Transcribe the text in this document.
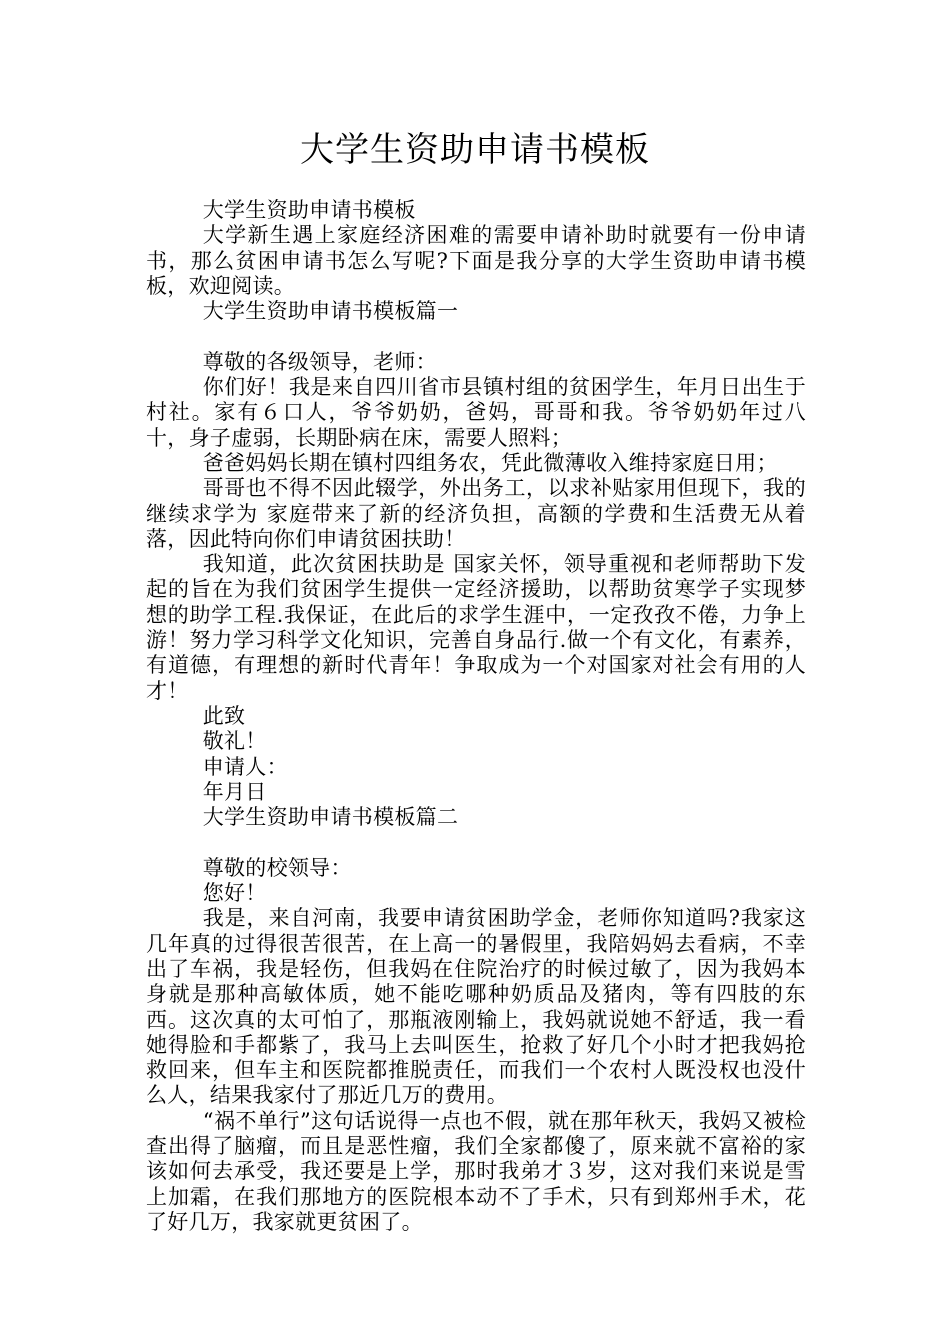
大学生资助申请书模板

大学生资助申请书模板

大学新生遇上家庭经济困难的需要申请补助时就要有一份申请书，那么贫困申请书怎么写呢?下面是我分享的大学生资助申请书模板，欢迎阅读。

大学生资助申请书模板篇一

尊敬的各级领导，老师：

你们好！我是来自四川省市县镇村组的贫困学生，年月日出生于村社。家有６口人，爷爷奶奶，爸妈，哥哥和我。爷爷奶奶年过八十，身子虚弱，长期卧病在床，需要人照料；

爸爸妈妈长期在镇村四组务农，凭此微薄收入维持家庭日用；

哥哥也不得不因此辍学，外出务工，以求补贴家用但现下，我的继续求学为 家庭带来了新的经济负担，高额的学费和生活费无从着落，因此特向你们申请贫困扶助！

我知道，此次贫困扶助是 国家关怀，领导重视和老师帮助下发起的旨在为我们贫困学生提供一定经济援助，以帮助贫寒学子实现梦想的助学工程.我保证，在此后的求学生涯中，一定孜孜不倦，力争上游！努力学习科学文化知识，完善自身品行.做一个有文化，有素养，有道德，有理想的新时代青年！争取成为一个对国家对社会有用的人才！

此致

敬礼！

申请人：

年月日

大学生资助申请书模板篇二

尊敬的校领导：

您好！

我是，来自河南，我要申请贫困助学金，老师你知道吗?我家这几年真的过得很苦很苦，在上高一的暑假里，我陪妈妈去看病，不幸出了车祸，我是轻伤，但我妈在住院治疗的时候过敏了，因为我妈本身就是那种高敏体质，她不能吃哪种奶质品及猪肉，等有四肢的东西。这次真的太可怕了，那瓶液刚输上，我妈就说她不舒适，我一看她得脸和手都紫了，我马上去叫医生，抢救了好几个小时才把我妈抢救回来，但车主和医院都推脱责任，而我们一个农村人既没权也没什么人，结果我家付了那近几万的费用。

“祸不单行”这句话说得一点也不假，就在那年秋天，我妈又被检查出得了脑瘤，而且是恶性瘤，我们全家都傻了，原来就不富裕的家该如何去承受，我还要是上学，那时我弟才３岁，这对我们来说是雪上加霜，在我们那地方的医院根本动不了手术，只有到郑州手术，花了好几万，我家就更贫困了。
